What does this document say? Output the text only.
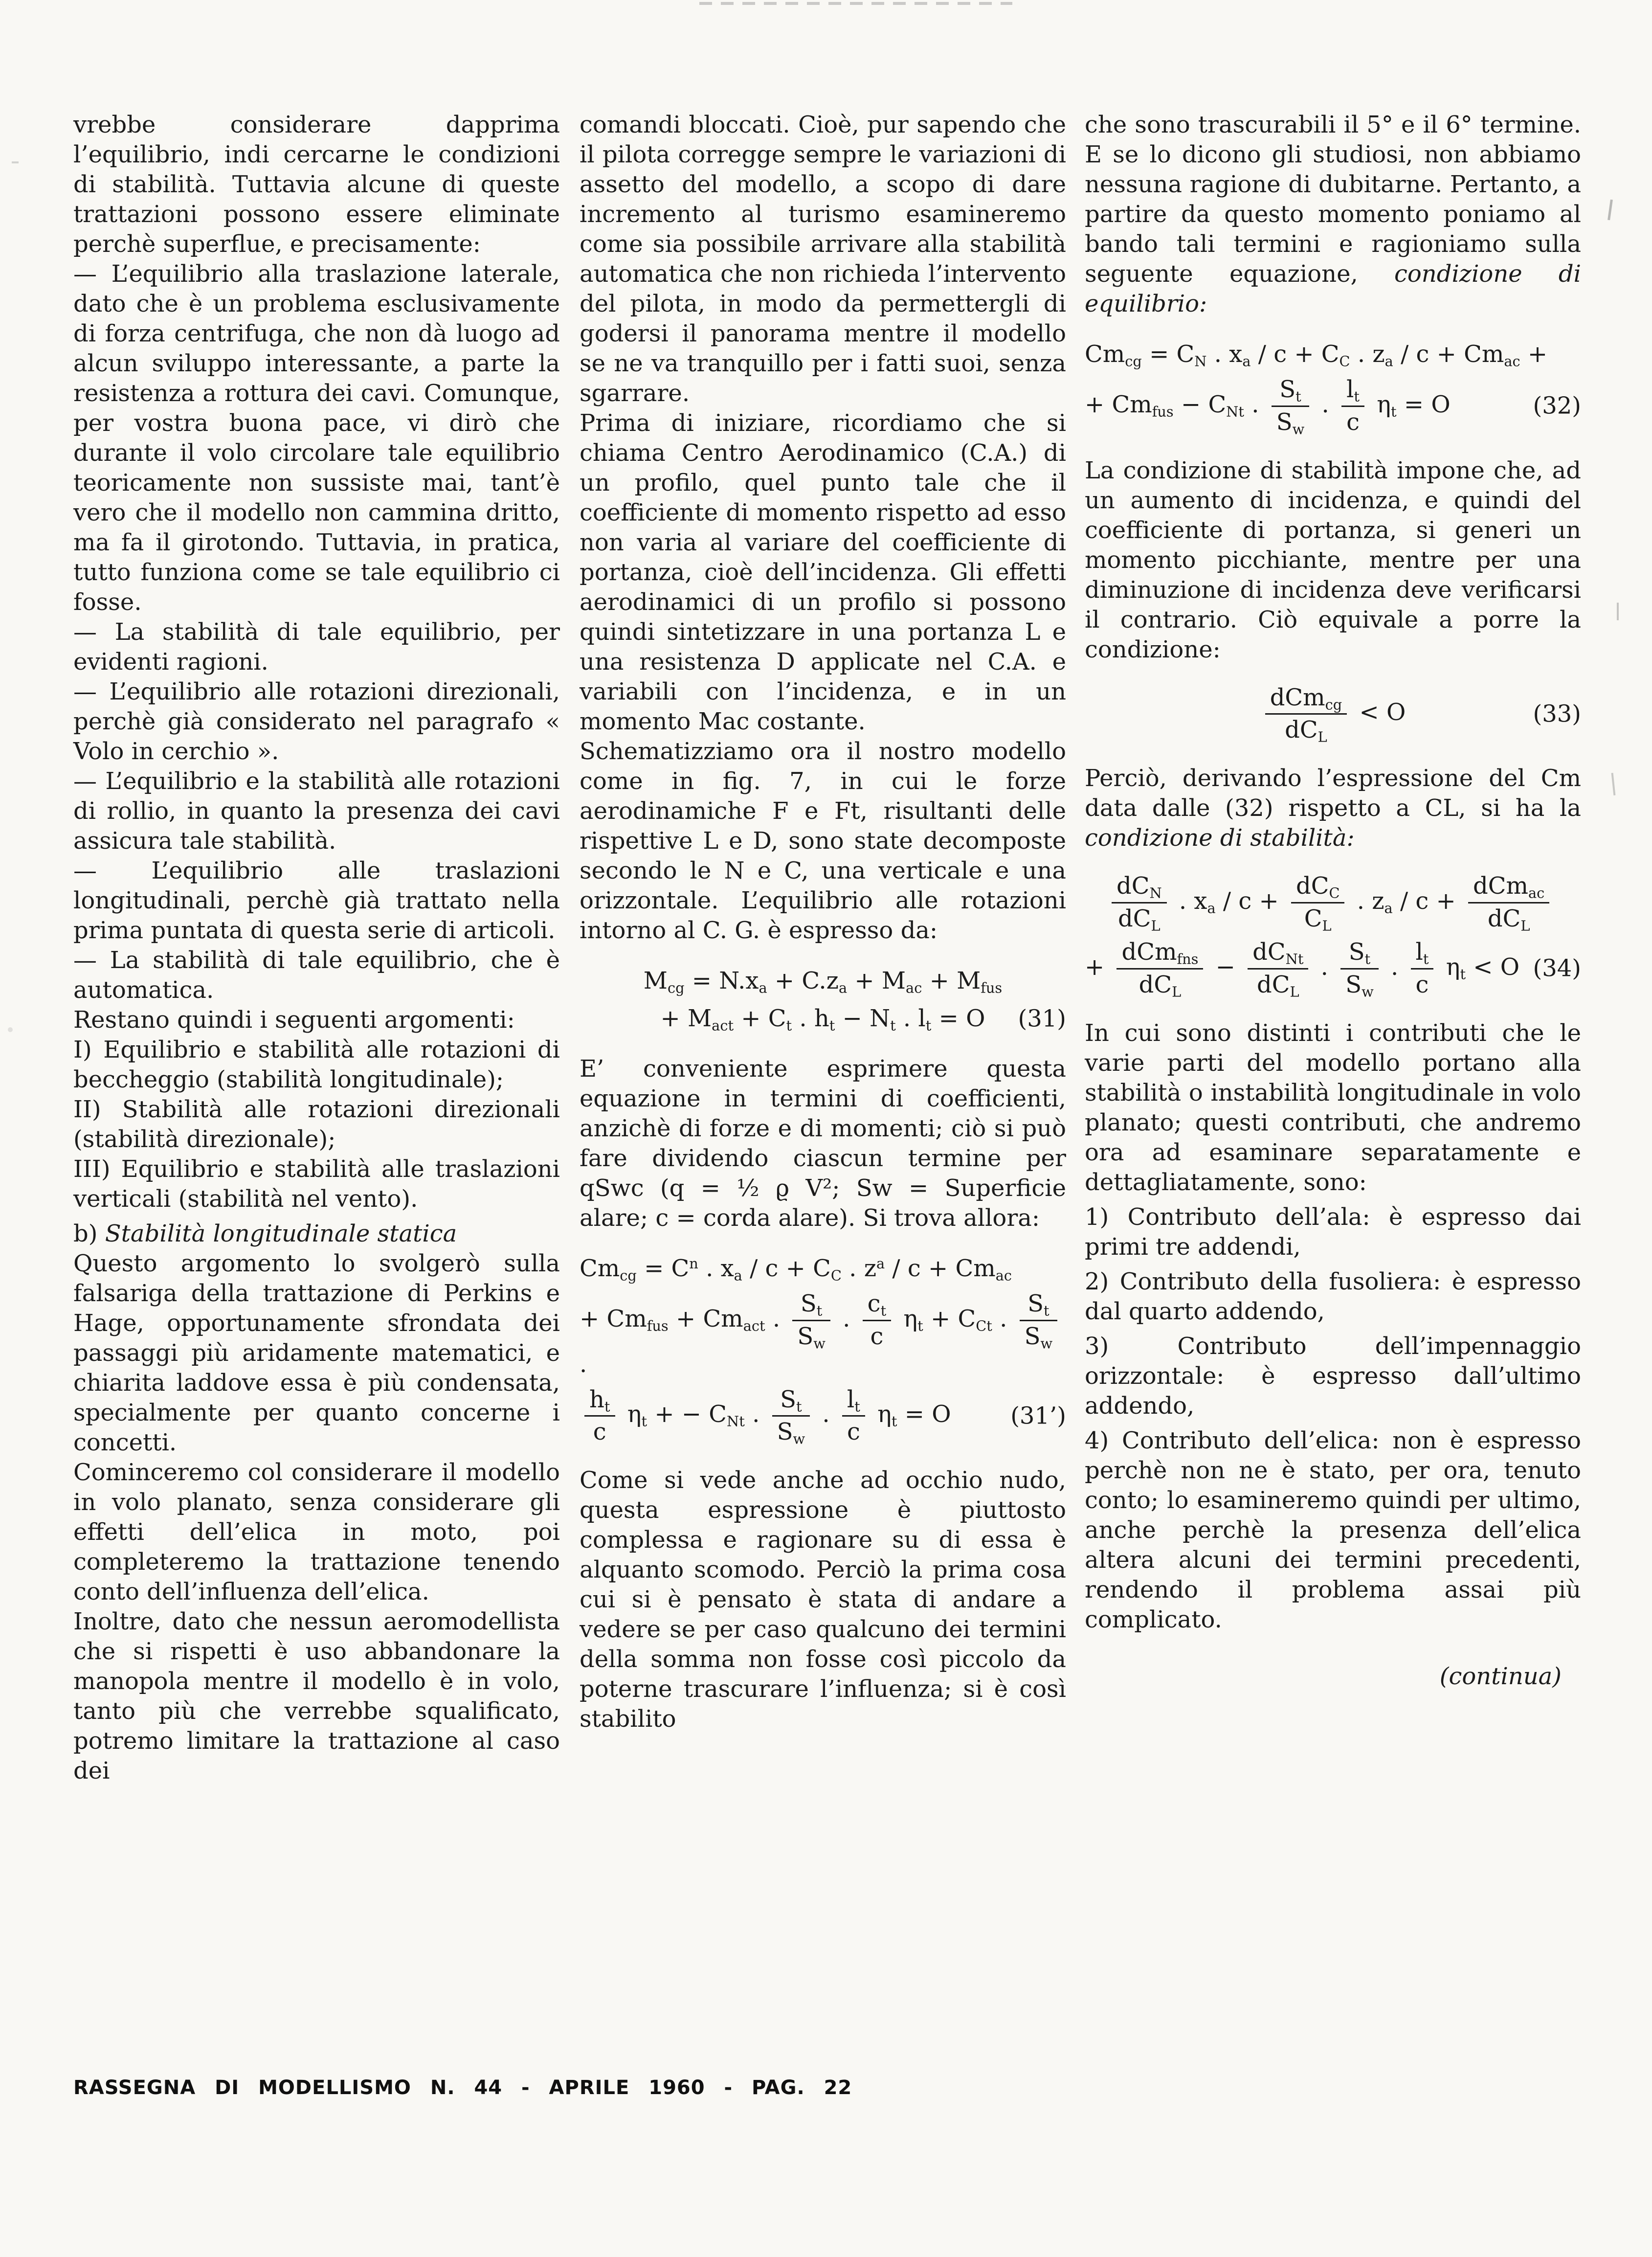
vrebbe considerare dapprima l’equilibrio, indi cercarne le condizioni di stabilità. Tuttavia alcune di queste trattazioni possono essere eliminate perchè superflue, e precisamente:

— L’equilibrio alla traslazione laterale, dato che è un problema esclusivamente di forza centrifuga, che non dà luogo ad alcun sviluppo interessante, a parte la resistenza a rottura dei cavi. Comunque, per vostra buona pace, vi dirò che durante il volo circolare tale equilibrio teoricamente non sussiste mai, tant’è vero che il modello non cammina dritto, ma fa il girotondo. Tuttavia, in pratica, tutto funziona come se tale equilibrio ci fosse.

— La stabilità di tale equilibrio, per evidenti ragioni.

— L’equilibrio alle rotazioni direzionali, perchè già considerato nel paragrafo « Volo in cerchio ».

— L’equilibrio e la stabilità alle rotazioni di rollio, in quanto la presenza dei cavi assicura tale stabilità.

— L’equilibrio alle traslazioni longitudinali, perchè già trattato nella prima puntata di questa serie di articoli.

— La stabilità di tale equilibrio, che è automatica.

Restano quindi i seguenti argomenti:

I) Equilibrio e stabilità alle rotazioni di beccheggio (stabilità longitudinale);

II) Stabilità alle rotazioni direzionali (stabilità direzionale);

III) Equilibrio e stabilità alle traslazioni verticali (stabilità nel vento).

b) Stabilità longitudinale statica

Questo argomento lo svolgerò sulla falsariga della trattazione di Perkins e Hage, opportunamente sfrondata dei passaggi più aridamente matematici, e chiarita laddove essa è più condensata, specialmente per quanto concerne i concetti.

Cominceremo col considerare il modello in volo planato, senza considerare gli effetti dell’elica in moto, poi completeremo la trattazione tenendo conto dell’influenza dell’elica.

Inoltre, dato che nessun aeromodellista che si rispetti è uso abbandonare la manopola mentre il modello è in volo, tanto più che verrebbe squalificato, potremo limitare la trattazione al caso dei

comandi bloccati. Cioè, pur sapendo che il pilota corregge sempre le variazioni di assetto del modello, a scopo di dare incremento al turismo esamineremo come sia possibile arrivare alla stabilità automatica che non richieda l’intervento del pilota, in modo da permettergli di godersi il panorama mentre il modello se ne va tranquillo per i fatti suoi, senza sgarrare.

Prima di iniziare, ricordiamo che si chiama Centro Aerodinamico (C.A.) di un profilo, quel punto tale che il coefficiente di momento rispetto ad esso non varia al variare del coefficiente di portanza, cioè dell’incidenza. Gli effetti aerodinamici di un profilo si possono quindi sintetizzare in una portanza L e una resistenza D applicate nel C.A. e variabili con l’incidenza, e in un momento Mac costante.

Schematizziamo ora il nostro modello come in fig. 7, in cui le forze aerodinamiche F e Ft, risultanti delle rispettive L e D, sono state decomposte secondo le N e C, una verticale e una orizzontale. L’equilibrio alle rotazioni intorno al C. G. è espresso da:

$M_{cg} = N.x_a + C.z_a + M_{ac} + M_{fus}$
+ $M_{act} + C_t$ . $h_t - N_t$ . $l_t = O$ (31)

E’ conveniente esprimere questa equazione in termini di coefficienti, anzichè di forze e di momenti; ciò si può fare dividendo ciascun termine per qSwc (q = ½ ϱ V²; Sw = Superficie alare; c = corda alare). Si trova allora:

$Cm_{cg} = C^n$ . $x_a / c + C_C$ . $z^a / c + Cm_{ac}$
+ $Cm_{fus} + Cm_{act}$ . $\frac{S_t}{S_w}$ . $\frac{c_t}{c} \eta_t + C_{Ct}$ . $\frac{S_t}{S_w}$
.
$\frac{h_t}{c} \eta_t$ + − $C_{Nt}$ . $\frac{S_t}{S_w}$ . $\frac{l_t}{c} \eta_t = O$	(31’)

Come si vede anche ad occhio nudo, questa espressione è piuttosto complessa e ragionare su di essa è alquanto scomodo. Perciò la prima cosa cui si è pensato è stata di andare a vedere se per caso qualcuno dei termini della somma non fosse così piccolo da poterne trascurare l’influenza; si è così stabilito

che sono trascurabili il 5° e il 6° termine. E se lo dicono gli studiosi, non abbiamo nessuna ragione di dubitarne. Pertanto, a partire da questo momento poniamo al bando tali termini e ragioniamo sulla seguente equazione, condizione di equilibrio:

$Cm_{cg} = C_N$ . $x_a / c + C_C$ . $z_a / c + Cm_{ac}$ +
+ $Cm_{fus} - C_{Nt}$ . $\frac{S_t}{S_w}$ . $\frac{l_t}{c} \eta_t = O$	(32)

La condizione di stabilità impone che, ad un aumento di incidenza, e quindi del coefficiente di portanza, si generi un momento picchiante, mentre per una diminuzione di incidenza deve verificarsi il contrario. Ciò equivale a porre la condizione:

$\frac{dCm_{cg}}{dC_L} < O$	(33)

Perciò, derivando l’espressione del Cm data dalle (32) rispetto a CL, si ha la condizione di stabilità:

$\frac{dC_N}{dC_L}$ . $x_a / c + \frac{dC_C}{C_L}$ . $z_a / c + \frac{dCm_{ac}}{dC_L}$
+ $\frac{dCm_{fns}}{dC_L} - \frac{dC_{Nt}}{dC_L}$ . $\frac{S_t}{S_w}$ . $\frac{l_t}{c} \eta_t < O$ (34)

In cui sono distinti i contributi che le varie parti del modello portano alla stabilità o instabilità longitudinale in volo planato; questi contributi, che andremo ora ad esaminare separatamente e dettagliatamente, sono:

1) Contributo dell’ala: è espresso dai primi tre addendi,

2) Contributo della fusoliera: è espresso dal quarto addendo,

3) Contributo dell’impennaggio orizzontale: è espresso dall’ultimo addendo,

4) Contributo dell’elica: non è espresso perchè non ne è stato, per ora, tenuto conto; lo esamineremo quindi per ultimo, anche perchè la presenza dell’elica altera alcuni dei termini precedenti, rendendo il problema assai più complicato.

(continua)

RASSEGNA DI MODELLISMO N. 44 - APRILE 1960 - PAG. 22
